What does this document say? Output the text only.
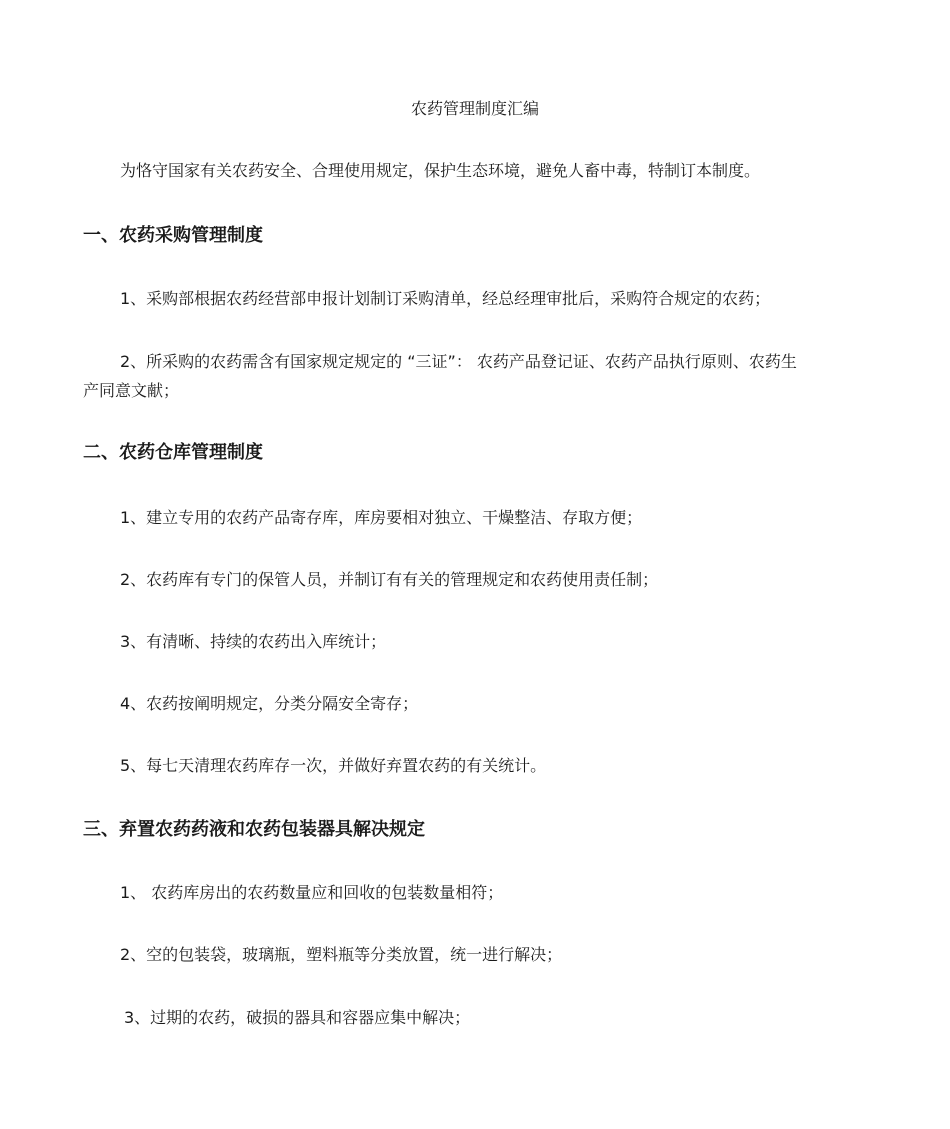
农药管理制度汇编
为恪守国家有关农药安全、合理使用规定，保护生态环境，避免人畜中毒，特制订本制度。
一、农药采购管理制度
1、采购部根据农药经营部申报计划制订采购清单，经总经理审批后，采购符合规定的农药；
2、所采购的农药需含有国家规定规定的 “三证”： 农药产品登记证、农药产品执行原则、农药生
产同意文献；
二、农药仓库管理制度
1、建立专用的农药产品寄存库，库房要相对独立、干燥整洁、存取方便；
2、农药库有专门的保管人员，并制订有有关的管理规定和农药使用责任制；
3、有清晰、持续的农药出入库统计；
4、农药按阐明规定，分类分隔安全寄存；
5、每七天清理农药库存一次，并做好弃置农药的有关统计。
三、弃置农药药液和农药包装器具解决规定
1、 农药库房出的农药数量应和回收的包装数量相符；
2、空的包装袋，玻璃瓶，塑料瓶等分类放置，统一进行解决；
3、过期的农药，破损的器具和容器应集中解决；
